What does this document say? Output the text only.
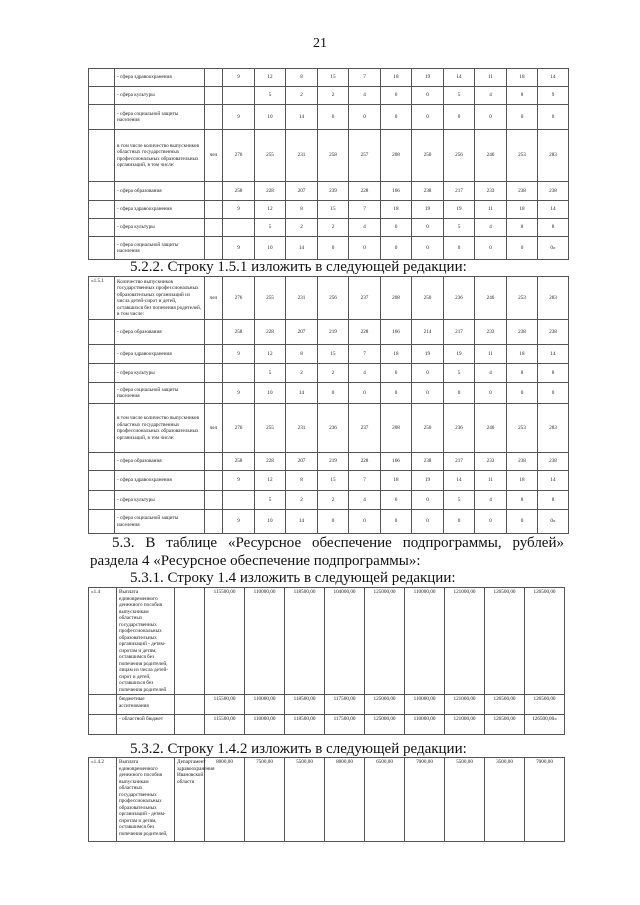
21
	- сфера здравоохранения		9	12	8	15	7	18	19	14	11	18	14
	- сфера культуры			5	2	2	4	6	0	5	4	8	9
	- сфера социальной защиты населения		9	10	14	0	0	0	0	0	0	0	0
	в том числе количество выпускников областных государственных профессиональных образовательных организаций, в том числе:	чел	276	255	231	258	257	208	250	256	246	253	283
	- сфера образования		258	228	207	239	228	166	238	217	233	238	238
	- сфера здравоохранения		9	12	8	15	7	18	19	19	11	18	14
	- сфера культуры			5	2	2	4	6	0	5	4	8	8
	- сфера социальной защиты населения		9	10	14	0	0	0	0	0	0	0	0»
5.2.2. Строку 1.5.1 изложить в следующей редакции:
«1.5.1	Количество выпускников государственных профессиональных образовательных организаций из числа детей-сирот и детей, оставшихся без попечения родителей, в том числе:	чел	276	255	231	256	237	208	250	236	246	253	283
	- сфера образования		258	228	207	219	228	166	214	217	233	238	238
	- сфера здравоохранения		9	12	8	15	7	18	19	19	11	18	14
	- сфера культуры			5	2	2	4	6	0	5	4	8	8
	- сфера социальной защиты населения		9	10	14	0	0	0	0	0	0	0	0
	в том числе количество выпускников областных государственных профессиональных образовательных организаций, в том числе:	чел	276	255	231	236	237	208	250	236	246	253	283
	- сфера образования		258	228	207	219	228	166	238	217	233	238	238
	- сфера здравоохранения		9	12	8	15	7	18	19	14	11	18	14
	- сфера культуры			5	2	2	4	6	0	5	4	8	8
	- сфера социальной защиты населения		9	10	14	0	0	0	0	0	0	0	0»
5.3. В таблице «Ресурсное обеспечение подпрограммы, рублей»
раздела 4 «Ресурсное обеспечение подпрограммы»:
5.3.1. Строку 1.4 изложить в следующей редакции:
«1.4	Выплата единовременного денежного пособия выпускникам областных государственных профессиональных образовательных организаций - детям-сиротам и детям, оставшимся без попечения родителей, лицам из числа детей-сирот и детей, оставшихся без попечения родителей		115500,00	110000,00	118500,00	104000,00	125000,00	110000,00	121000,00	126500,00	126500,00
	бюджетные ассигнования		115500,00	110000,00	118500,00	117500,00	125000,00	110000,00	121000,00	126500,00	126500,00
	- областной бюджет		115500,00	110000,00	118500,00	117500,00	125000,00	110000,00	121000,00	126500,00	126500,00»
5.3.2. Строку 1.4.2 изложить в следующей редакции:
«1.4.2	Выплата единовременного денежного пособия выпускникам областных государственных профессиональных образовательных организаций - детям-сиротам и детям, оставшимся без попечения родителей,	Департамент здравоохранения Ивановской области	8000,00	7500,00	5500,00	8000,00	6500,00	7000,00	5500,00	3500,00	7000,00
